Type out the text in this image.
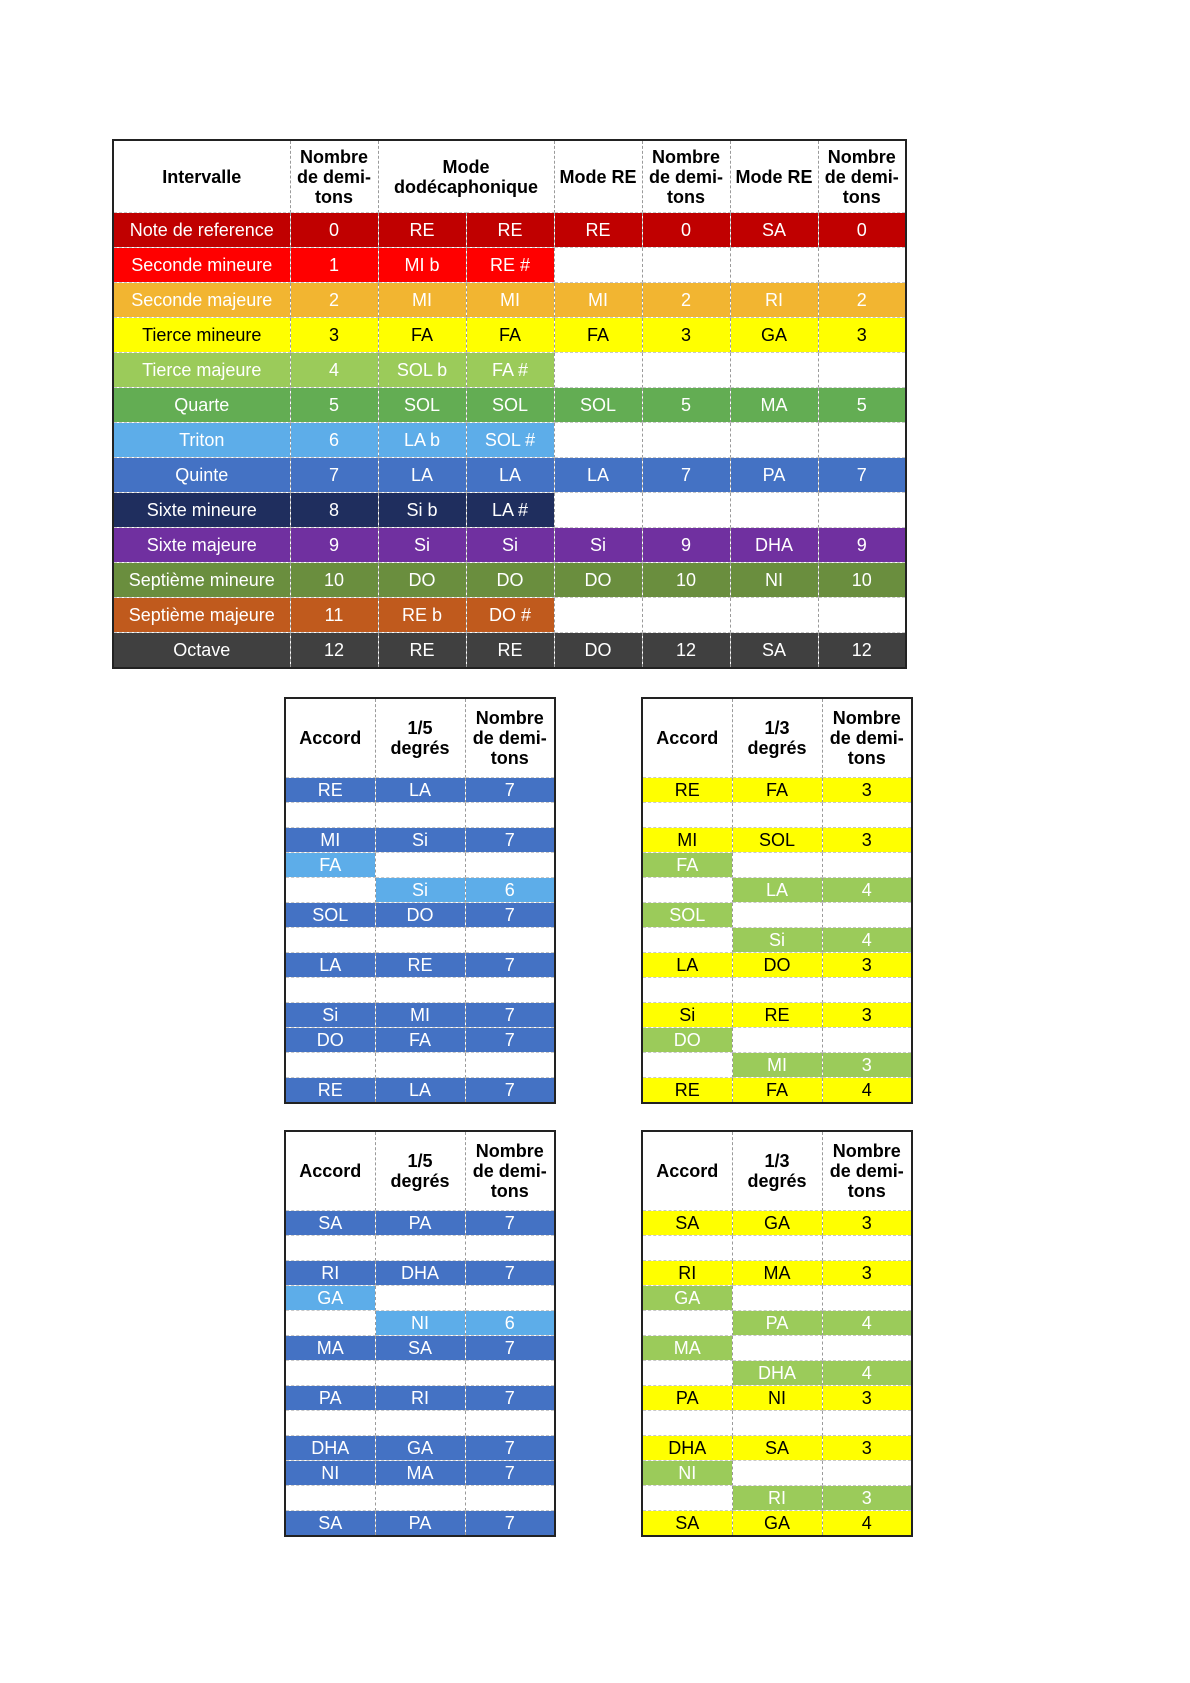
Intervalle	Nombre de demi-tons	Mode dodécaphonique		Mode RE	Nombre de demi-tons	Mode RE	Nombre de demi-tons
Note de reference	0	RE	RE	RE	0	SA	0
Seconde mineure	1	MI b	RE #				
Seconde majeure	2	MI	MI	MI	2	RI	2
Tierce mineure	3	FA	FA	FA	3	GA	3
Tierce majeure	4	SOL b	FA #				
Quarte	5	SOL	SOL	SOL	5	MA	5
Triton	6	LA b	SOL #				
Quinte	7	LA	LA	LA	7	PA	7
Sixte mineure	8	Si b	LA #				
Sixte majeure	9	Si	Si	Si	9	DHA	9
Septième mineure	10	DO	DO	DO	10	NI	10
Septième majeure	11	RE b	DO #				
Octave	12	RE	RE	DO	12	SA	12
Accord	1/5 degrés	Nombre de demi-tons
RE	LA	7

MI	Si	7
FA		
	Si	6
SOL	DO	7

LA	RE	7

Si	MI	7
DO	FA	7

RE	LA	7
Accord	1/3 degrés	Nombre de demi-tons
RE	FA	3

MI	SOL	3
FA		
	LA	4
SOL		
	Si	4
LA	DO	3

Si	RE	3
DO		
	MI	3
RE	FA	4
Accord	1/5 degrés	Nombre de demi-tons
SA	PA	7

RI	DHA	7
GA		
	NI	6
MA	SA	7

PA	RI	7

DHA	GA	7
NI	MA	7

SA	PA	7
Accord	1/3 degrés	Nombre de demi-tons
SA	GA	3

RI	MA	3
GA		
	PA	4
MA		
	DHA	4
PA	NI	3

DHA	SA	3
NI		
	RI	3
SA	GA	4
